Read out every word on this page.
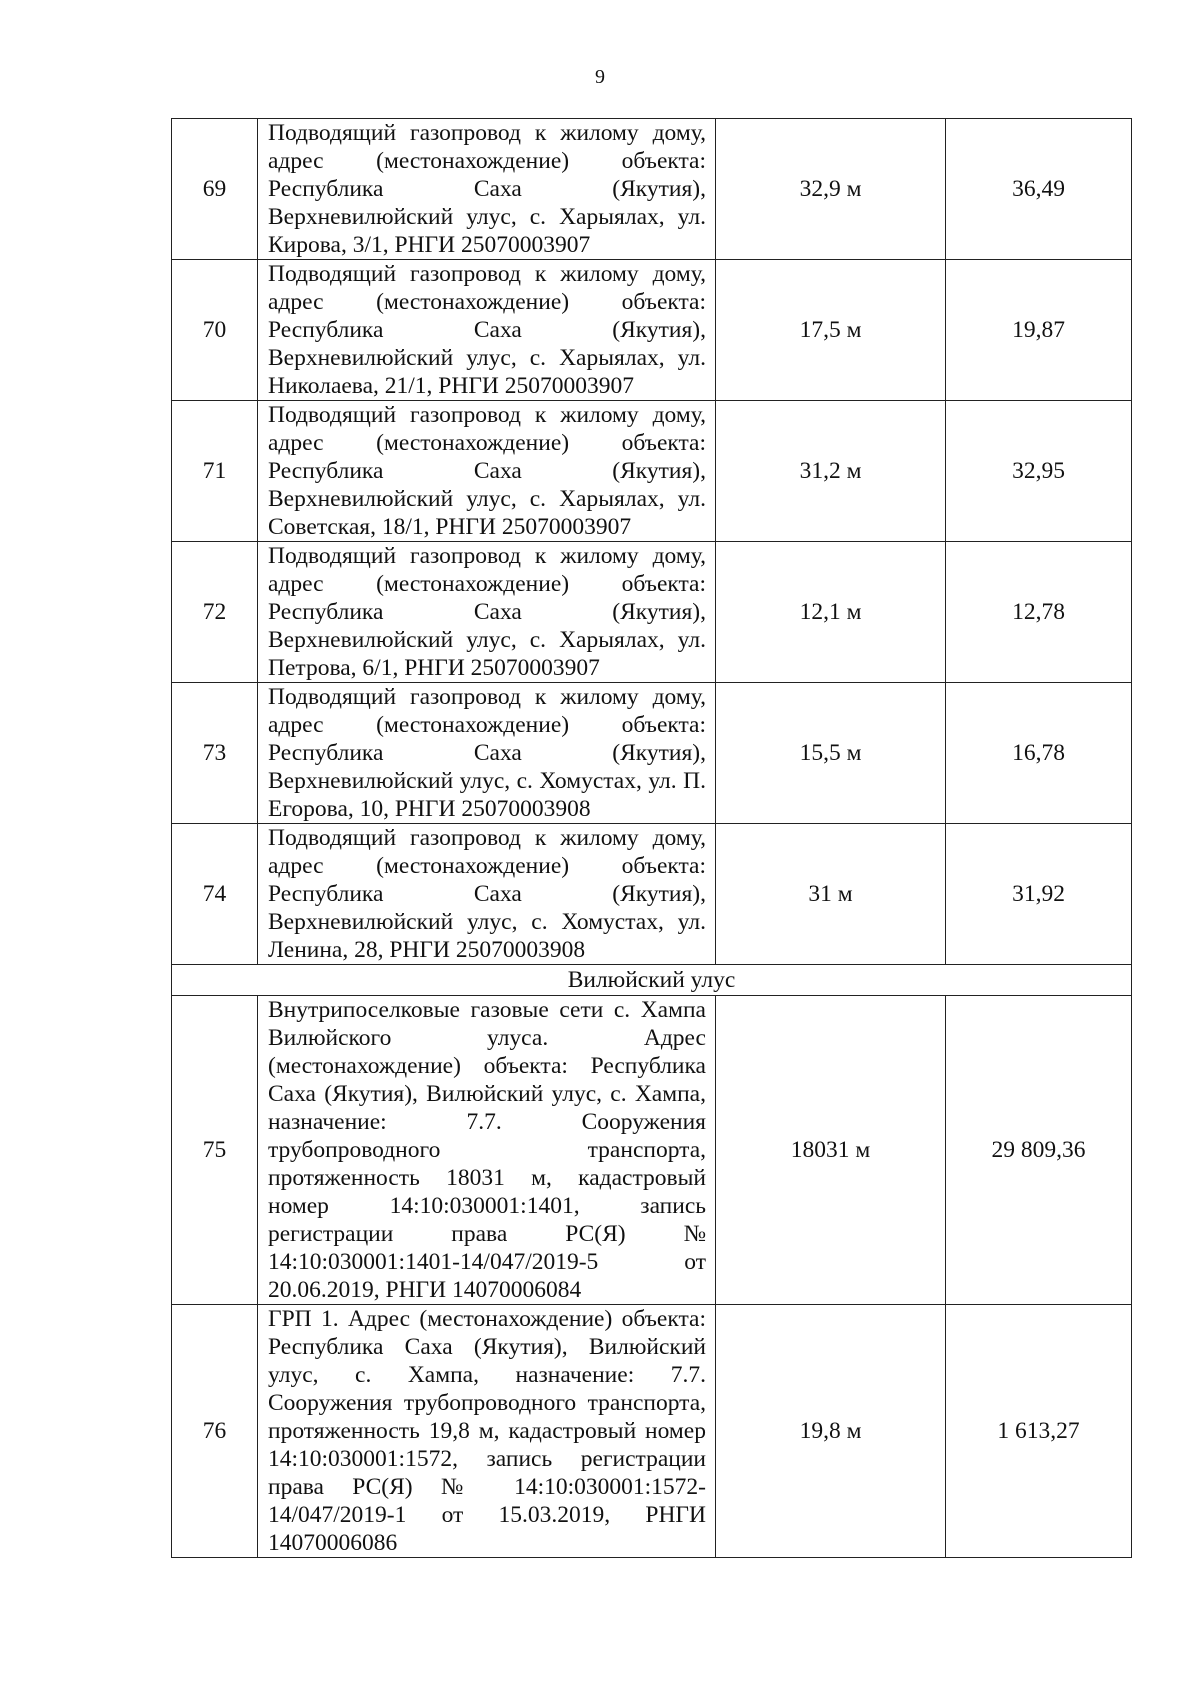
9
69	Подводящий газопровод к жилому дому, адрес (местонахождение) объекта: Республика Саха (Якутия), Верхневилюйский улус, с. Харыялах, ул. Кирова, 3/1, РНГИ 25070003907	32,9 м	36,49
70	Подводящий газопровод к жилому дому, адрес (местонахождение) объекта: Республика Саха (Якутия), Верхневилюйский улус, с. Харыялах, ул. Николаева, 21/1, РНГИ 25070003907	17,5 м	19,87
71	Подводящий газопровод к жилому дому, адрес (местонахождение) объекта: Республика Саха (Якутия), Верхневилюйский улус, с. Харыялах, ул. Советская, 18/1, РНГИ 25070003907	31,2 м	32,95
72	Подводящий газопровод к жилому дому, адрес (местонахождение) объекта: Республика Саха (Якутия), Верхневилюйский улус, с. Харыялах, ул. Петрова, 6/1, РНГИ 25070003907	12,1 м	12,78
73	Подводящий газопровод к жилому дому, адрес (местонахождение) объекта: Республика Саха (Якутия), Верхневилюйский улус, с. Хомустах, ул. П. Егорова, 10, РНГИ 25070003908	15,5 м	16,78
74	Подводящий газопровод к жилому дому, адрес (местонахождение) объекта: Республика Саха (Якутия), Верхневилюйский улус, с. Хомустах, ул. Ленина, 28, РНГИ 25070003908	31 м	31,92
Вилюйский улус			
75	Внутрипоселковые газовые сети с. Хампа Вилюйского улуса. Адрес (местонахождение) объекта: Республика Саха (Якутия), Вилюйский улус, с. Хампа, назначение: 7.7. Сооружения трубопроводного транспорта, протяженность 18031 м, кадастровый номер 14:10:030001:1401, запись регистрации права РС(Я) № 14:10:030001:1401-14/047/2019-5 от 20.06.2019, РНГИ 14070006084	18031 м	29 809,36
76	ГРП 1. Адрес (местонахождение) объекта: Республика Саха (Якутия), Вилюйский улус, с. Хампа, назначение: 7.7. Сооружения трубопроводного транспорта, протяженность 19,8 м, кадастровый номер 14:10:030001:1572, запись регистрации права РС(Я) № 14:10:030001:1572-14/047/2019-1 от 15.03.2019, РНГИ 14070006086	19,8 м	1 613,27
